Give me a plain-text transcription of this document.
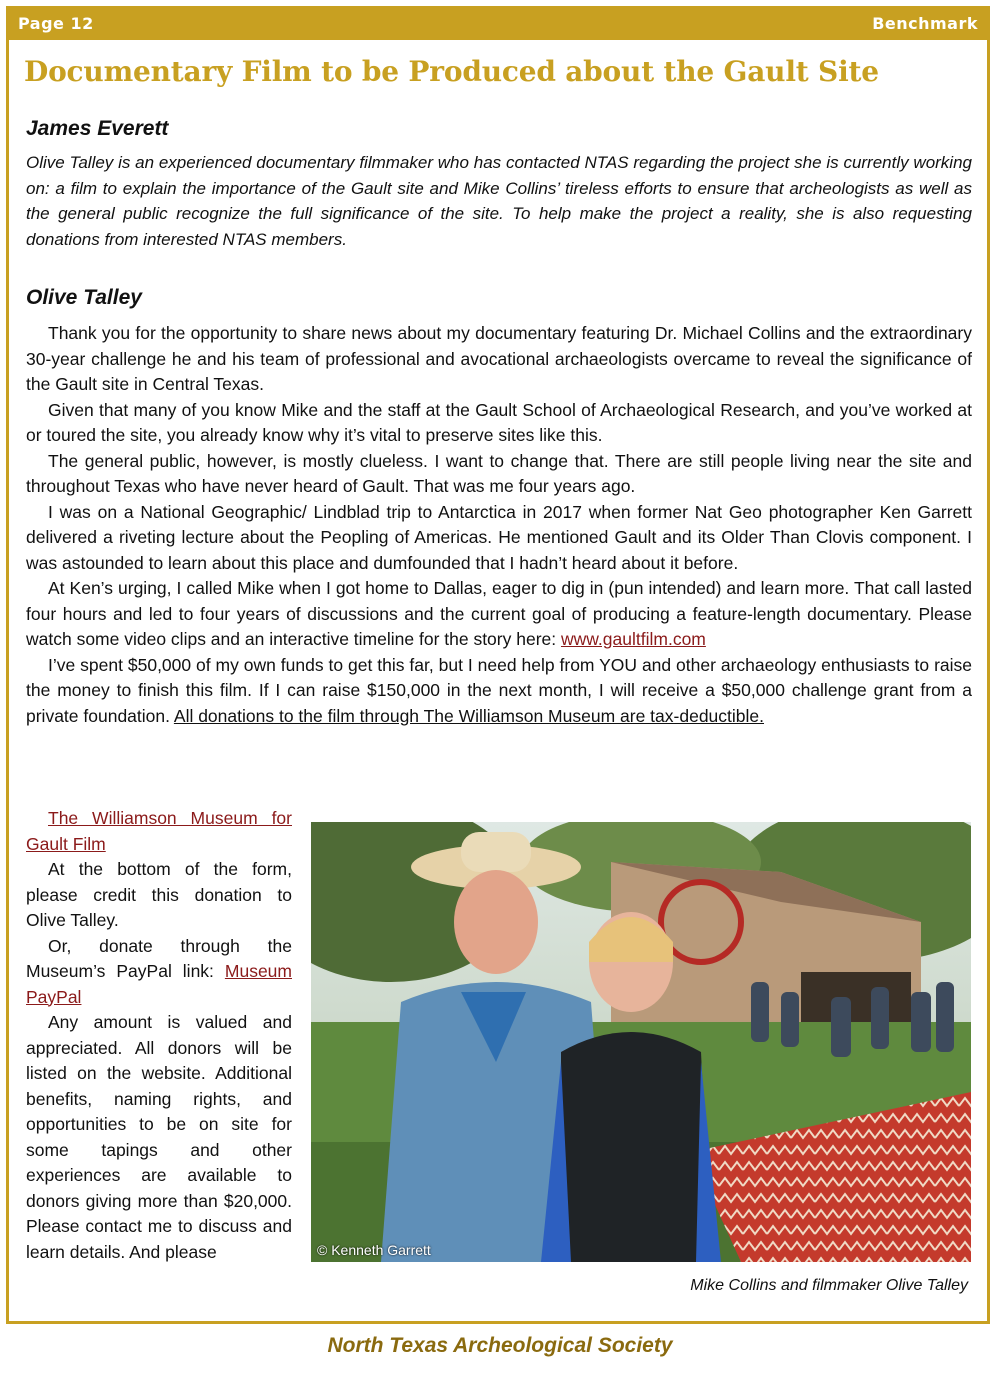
Page 12	Benchmark
Documentary Film to be Produced about the Gault Site
James Everett
Olive Talley is an experienced documentary filmmaker who has contacted NTAS regarding the project she is currently working on: a film to explain the importance of the Gault site and Mike Collins’ tireless efforts to ensure that archeologists as well as the general public recognize the full significance of the site. To help make the project a reality, she is also requesting donations from interested NTAS members.
Olive Talley

Thank you for the opportunity to share news about my documentary featuring Dr. Michael Collins and the extraordinary 30-year challenge he and his team of professional and avocational archaeologists overcame to reveal the significance of the Gault site in Central Texas.

Given that many of you know Mike and the staff at the Gault School of Archaeological Research, and you’ve worked at or toured the site, you already know why it’s vital to preserve sites like this.

The general public, however, is mostly clueless. I want to change that. There are still people living near the site and throughout Texas who have never heard of Gault. That was me four years ago.

I was on a National Geographic/ Lindblad trip to Antarctica in 2017 when former Nat Geo photographer Ken Garrett delivered a riveting lecture about the Peopling of Americas. He mentioned Gault and its Older Than Clovis component. I was astounded to learn about this place and dumfounded that I hadn’t heard about it before.

At Ken’s urging, I called Mike when I got home to Dallas, eager to dig in (pun intended) and learn more. That call lasted four hours and led to four years of discussions and the current goal of producing a feature-length documentary. Please watch some video clips and an interactive timeline for the story here: www.gaultfilm.com

I’ve spent $50,000 of my own funds to get this far, but I need help from YOU and other archaeology enthusiasts to raise the money to finish this film. If I can raise $150,000 in the next month, I will receive a $50,000 challenge grant from a private foundation. All donations to the film through The Williamson Museum are tax-deductible.

The Williamson Museum for Gault Film

At the bottom of the form, please credit this donation to Olive Talley.

Or, donate through the Museum’s PayPal link: Museum PayPal

Any amount is valued and appreciated. All donors will be listed on the website. Additional benefits, naming rights, and opportunities to be on site for some tapings and other experiences are available to donors giving more than $20,000. Please contact me to discuss and learn details. And please	© Kenneth Garrett
Mike Collins and filmmaker Olive Talley
North Texas Archeological Society
